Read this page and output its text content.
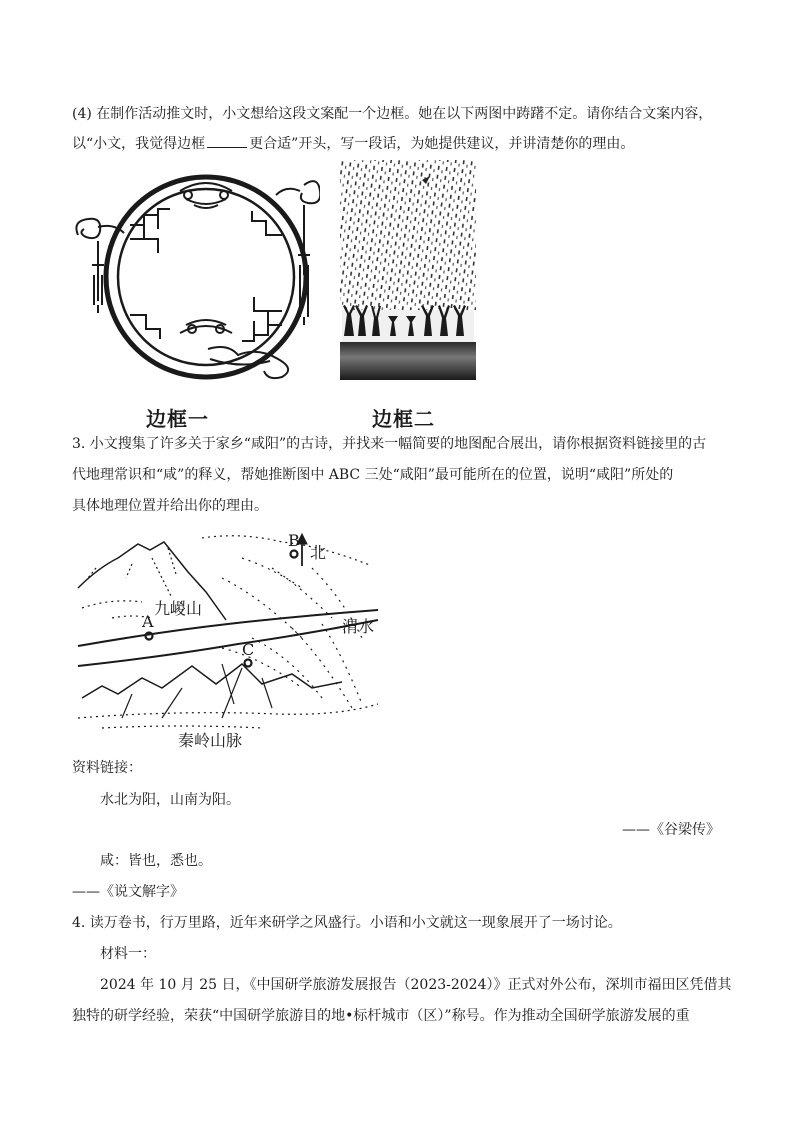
(4) 在制作活动推文时，小文想给这段文案配一个边框。她在以下两图中踌躇不定。请你结合文案内容，
以“小文，我觉得边框	更合适”开头，写一段话，为她提供建议，并讲清楚你的理由。
边框一	边框二
3. 小文搜集了许多关于家乡“咸阳”的古诗，并找来一幅简要的地图配合展出，请你根据资料链接里的古
代地理常识和“咸”的释义，帮她推断图中 ABC 三处“咸阳”最可能所在的位置，说明“咸阳”所处的
具体地理位置并给出你的理由。
北
B
A
C
九嵕山
渭水
秦岭山脉
资料链接：
水北为阳，山南为阳。
——《谷梁传》
咸：皆也，悉也。
——《说文解字》
4. 读万卷书，行万里路，近年来研学之风盛行。小语和小文就这一现象展开了一场讨论。
材料一：
2024 年 10 月 25 日，《中国研学旅游发展报告（2023-2024）》正式对外公布，深圳市福田区凭借其
独特的研学经验，荣获“中国研学旅游目的地•标杆城市（区）”称号。作为推动全国研学旅游发展的重
